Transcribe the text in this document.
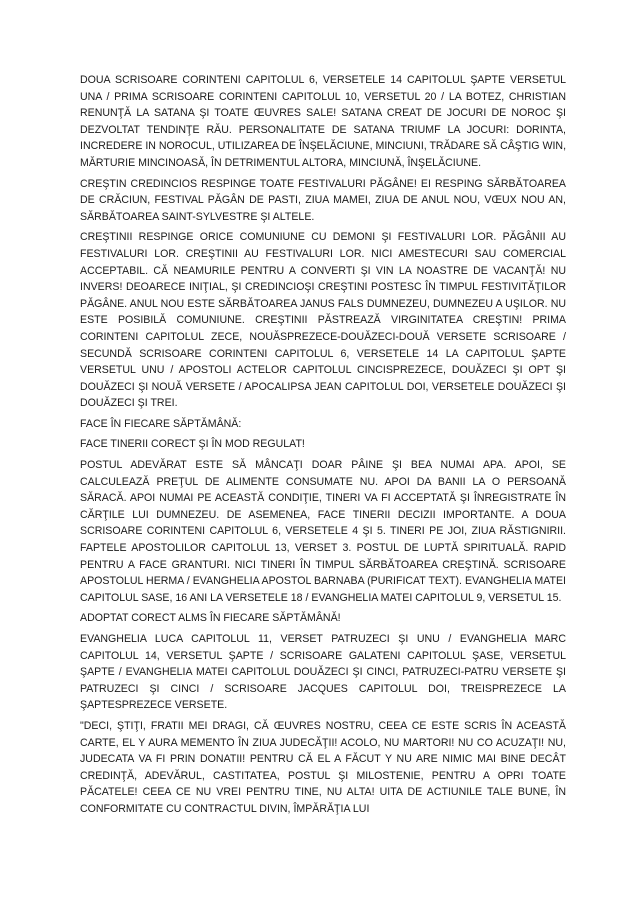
DOUA SCRISOARE CORINTENI CAPITOLUL 6, VERSETELE 14 CAPITOLUL ŞAPTE VERSETUL UNA / PRIMA SCRISOARE CORINTENI CAPITOLUL 10, VERSETUL 20 / LA BOTEZ, CHRISTIAN RENUNŢĂ LA SATANA ŞI TOATE ŒUVRES SALE! SATANA CREAT DE JOCURI DE NOROC ŞI DEZVOLTAT TENDINŢE RĂU. PERSONALITATE DE SATANA TRIUMF LA JOCURI: DORINTA, INCREDERE IN NOROCUL, UTILIZAREA DE ÎNŞELĂCIUNE, MINCIUNI, TRĂDARE SĂ CÂŞTIG WIN, MĂRTURIE MINCINOASĂ, ÎN DETRIMENTUL ALTORA, MINCIUNĂ, ÎNŞELĂCIUNE.

CREŞTIN CREDINCIOS RESPINGE TOATE FESTIVALURI PĂGÂNE! EI RESPING SĂRBĂTOAREA DE CRĂCIUN, FESTIVAL PĂGÂN DE PASTI, ZIUA MAMEI, ZIUA DE ANUL NOU, VŒUX NOU AN, SĂRBĂTOAREA SAINT-SYLVESTRE ŞI ALTELE.

CREŞTINII RESPINGE ORICE COMUNIUNE CU DEMONI ŞI FESTIVALURI LOR. PĂGÂNII AU FESTIVALURI LOR. CREŞTINII AU FESTIVALURI LOR. NICI AMESTECURI SAU COMERCIAL ACCEPTABIL. CĂ NEAMURILE PENTRU A CONVERTI ŞI VIN LA NOASTRE DE VACANŢĂ! NU INVERS! DEOARECE INIŢIAL, ŞI CREDINCIOŞI CREŞTINI POSTESC ÎN TIMPUL FESTIVITĂŢILOR PĂGÂNE. ANUL NOU ESTE SĂRBĂTOAREA JANUS FALS DUMNEZEU, DUMNEZEU A UŞILOR. NU ESTE POSIBILĂ COMUNIUNE. CREŞTINII PĂSTREAZĂ VIRGINITATEA CREŞTIN! PRIMA CORINTENI CAPITOLUL ZECE, NOUĂSPREZECE-DOUĂZECI-DOUĂ VERSETE SCRISOARE / SECUNDĂ SCRISOARE CORINTENI CAPITOLUL 6, VERSETELE 14 LA CAPITOLUL ŞAPTE VERSETUL UNU / APOSTOLI ACTELOR CAPITOLUL CINCISPREZECE, DOUĂZECI ŞI OPT ŞI DOUĂZECI ŞI NOUĂ VERSETE / APOCALIPSA JEAN CAPITOLUL DOI, VERSETELE DOUĂZECI ŞI DOUĂZECI ŞI TREI.

FACE ÎN FIECARE SĂPTĂMÂNĂ:

FACE TINERII CORECT ŞI ÎN MOD REGULAT!

POSTUL ADEVĂRAT ESTE SĂ MÂNCAŢI DOAR PÂINE ŞI BEA NUMAI APA. APOI, SE CALCULEAZĂ PREŢUL DE ALIMENTE CONSUMATE NU. APOI DA BANII LA O PERSOANĂ SĂRACĂ. APOI NUMAI PE ACEASTĂ CONDIŢIE, TINERI VA FI ACCEPTATĂ ŞI ÎNREGISTRATE ÎN CĂRŢILE LUI DUMNEZEU. DE ASEMENEA, FACE TINERII DECIZII IMPORTANTE. A DOUA SCRISOARE CORINTENI CAPITOLUL 6, VERSETELE 4 ŞI 5. TINERI PE JOI, ZIUA RĂSTIGNIRII. FAPTELE APOSTOLILOR CAPITOLUL 13, VERSET 3. POSTUL DE LUPTĂ SPIRITUALĂ. RAPID PENTRU A FACE GRANTURI. NICI TINERI ÎN TIMPUL SĂRBĂTOAREA CREŞTINĂ. SCRISOARE APOSTOLUL HERMA / EVANGHELIA APOSTOL BARNABA (PURIFICAT TEXT). EVANGHELIA MATEI CAPITOLUL SASE, 16 ANI LA VERSETELE 18 / EVANGHELIA MATEI CAPITOLUL 9, VERSETUL 15.

ADOPTAT CORECT ALMS ÎN FIECARE SĂPTĂMÂNĂ!

EVANGHELIA LUCA CAPITOLUL 11, VERSET PATRUZECI ŞI UNU / EVANGHELIA MARC CAPITOLUL 14, VERSETUL ŞAPTE / SCRISOARE GALATENI CAPITOLUL ŞASE, VERSETUL ŞAPTE / EVANGHELIA MATEI CAPITOLUL DOUĂZECI ŞI CINCI, PATRUZECI-PATRU VERSETE ŞI PATRUZECI ŞI CINCI / SCRISOARE JACQUES CAPITOLUL DOI, TREISPREZECE LA ŞAPTESPREZECE VERSETE.

"DECI, ŞTIŢI, FRATII MEI DRAGI, CĂ ŒUVRES NOSTRU, CEEA CE ESTE SCRIS ÎN ACEASTĂ CARTE, EL Y AURA MEMENTO ÎN ZIUA JUDECĂŢII! ACOLO, NU MARTORI! NU CO ACUZAŢI! NU, JUDECATA VA FI PRIN DONATII! PENTRU CĂ EL A FĂCUT Y NU ARE NIMIC MAI BINE DECÂT CREDINŢĂ, ADEVĂRUL, CASTITATEA, POSTUL ŞI MILOSTENIE, PENTRU A OPRI TOATE PĂCATELE! CEEA CE NU VREI PENTRU TINE, NU ALTA! UITA DE ACTIUNILE TALE BUNE, ÎN CONFORMITATE CU CONTRACTUL DIVIN, ÎMPĂRĂŢIA LUI
